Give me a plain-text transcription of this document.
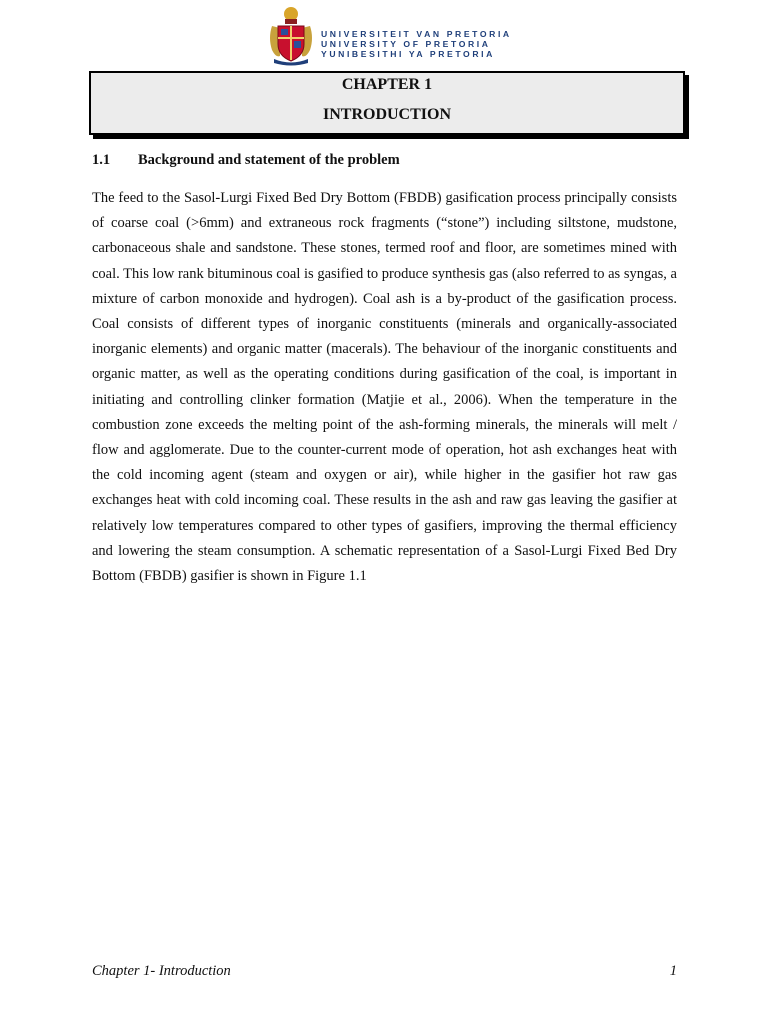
UNIVERSITEIT VAN PRETORIA
UNIVERSITY OF PRETORIA
YUNIBESITHI YA PRETORIA
CHAPTER 1
INTRODUCTION
1.1 Background and statement of the problem

The feed to the Sasol-Lurgi Fixed Bed Dry Bottom (FBDB) gasification process principally consists of coarse coal (>6mm) and extraneous rock fragments (“stone”) including siltstone, mudstone, carbonaceous shale and sandstone. These stones, termed roof and floor, are sometimes mined with coal. This low rank bituminous coal is gasified to produce synthesis gas (also referred to as syngas, a mixture of carbon monoxide and hydrogen). Coal ash is a by-product of the gasification process. Coal consists of different types of inorganic constituents (minerals and organically-associated inorganic elements) and organic matter (macerals). The behaviour of the inorganic constituents and organic matter, as well as the operating conditions during gasification of the coal, is important in initiating and controlling clinker formation (Matjie et al., 2006). When the temperature in the combustion zone exceeds the melting point of the ash-forming minerals, the minerals will melt / flow and agglomerate. Due to the counter-current mode of operation, hot ash exchanges heat with the cold incoming agent (steam and oxygen or air), while higher in the gasifier hot raw gas exchanges heat with cold incoming coal. These results in the ash and raw gas leaving the gasifier at relatively low temperatures compared to other types of gasifiers, improving the thermal efficiency and lowering the steam consumption. A schematic representation of a Sasol-Lurgi Fixed Bed Dry Bottom (FBDB) gasifier is shown in Figure 1.1

Chapter 1- Introduction	1
